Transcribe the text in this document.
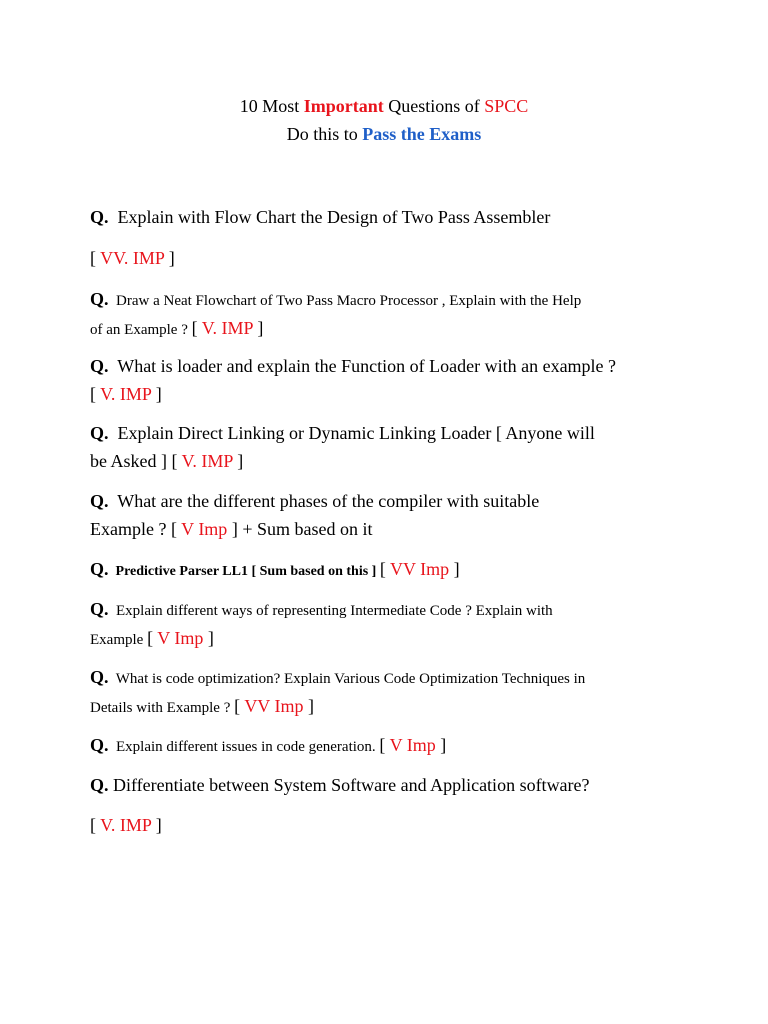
10 Most Important Questions of SPCC
Do this to Pass the Exams
Q. Explain with Flow Chart the Design of Two Pass Assembler
[ VV. IMP ]
Q. Draw a Neat Flowchart of Two Pass Macro Processor , Explain with the Help
of an Example ? [ V. IMP ]
Q. What is loader and explain the Function of Loader with an example ?
[ V. IMP ]
Q. Explain Direct Linking or Dynamic Linking Loader [ Anyone will
be Asked ] [ V. IMP ]
Q. What are the different phases of the compiler with suitable
Example ? [ V Imp ] + Sum based on it
Q. Predictive Parser LL1 [ Sum based on this ] [ VV Imp ]
Q. Explain different ways of representing Intermediate Code ? Explain with
Example [ V Imp ]
Q. What is code optimization? Explain Various Code Optimization Techniques in
Details with Example ? [ VV Imp ]
Q. Explain different issues in code generation. [ V Imp ]
Q. Differentiate between System Software and Application software?
[ V. IMP ]
